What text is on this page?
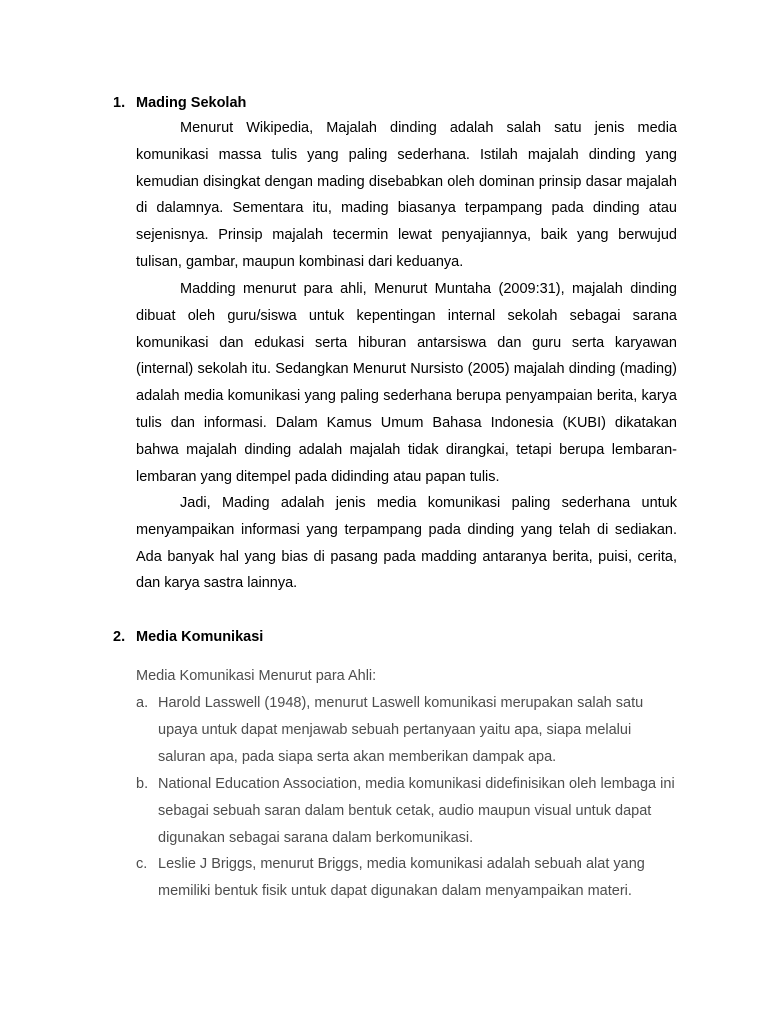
1. Mading Sekolah

Menurut Wikipedia, Majalah dinding adalah salah satu jenis media komunikasi massa tulis yang paling sederhana. Istilah majalah dinding yang kemudian disingkat dengan mading disebabkan oleh dominan prinsip dasar majalah di dalamnya. Sementara itu, mading biasanya terpampang pada dinding atau sejenisnya. Prinsip majalah tecermin lewat penyajiannya, baik yang berwujud tulisan, gambar, maupun kombinasi dari keduanya.

Madding menurut para ahli, Menurut Muntaha (2009:31), majalah dinding dibuat oleh guru/siswa untuk kepentingan internal sekolah sebagai sarana komunikasi dan edukasi serta hiburan antarsiswa dan guru serta karyawan (internal) sekolah itu. Sedangkan Menurut Nursisto (2005) majalah dinding (mading) adalah media komunikasi yang paling sederhana berupa penyampaian berita, karya tulis dan informasi. Dalam Kamus Umum Bahasa Indonesia (KUBI) dikatakan bahwa majalah dinding adalah majalah tidak dirangkai, tetapi berupa lembaran-lembaran yang ditempel pada didinding atau papan tulis.

Jadi, Mading adalah jenis media komunikasi paling sederhana untuk menyampaikan informasi yang terpampang pada dinding yang telah di sediakan. Ada banyak hal yang bias di pasang pada madding antaranya berita, puisi, cerita, dan karya sastra lainnya.

2. Media Komunikasi

Media Komunikasi Menurut para Ahli:

a. Harold Lasswell (1948), menurut Laswell komunikasi merupakan salah satu upaya untuk dapat menjawab sebuah pertanyaan yaitu apa, siapa melalui saluran apa, pada siapa serta akan memberikan dampak apa.

b. National Education Association, media komunikasi didefinisikan oleh lembaga ini sebagai sebuah saran dalam bentuk cetak, audio maupun visual untuk dapat digunakan sebagai sarana dalam berkomunikasi.

c. Leslie J Briggs, menurut Briggs, media komunikasi adalah sebuah alat yang memiliki bentuk fisik untuk dapat digunakan dalam menyampaikan materi.
